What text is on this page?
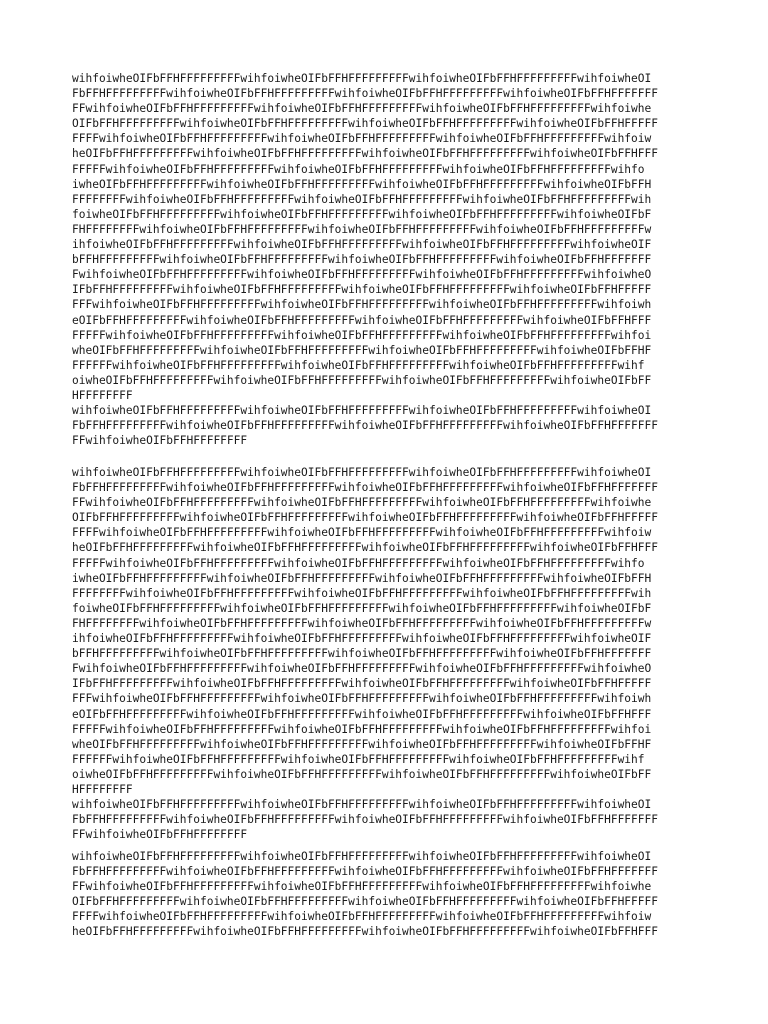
wihfoiwheOIFbFFHFFFFFFFFFwihfoiwheOIFbFFHFFFFFFFFFwihfoiwheOIFbFFHFFFFFFFFFwihfoiwheOI
FbFFHFFFFFFFFFwihfoiwheOIFbFFHFFFFFFFFFwihfoiwheOIFbFFHFFFFFFFFFwihfoiwheOIFbFFHFFFFFFF
FFwihfoiwheOIFbFFHFFFFFFFFFwihfoiwheOIFbFFHFFFFFFFFFwihfoiwheOIFbFFHFFFFFFFFFwihfoiwhe
OIFbFFHFFFFFFFFFwihfoiwheOIFbFFHFFFFFFFFFwihfoiwheOIFbFFHFFFFFFFFFwihfoiwheOIFbFFHFFFFF
FFFFwihfoiwheOIFbFFHFFFFFFFFFwihfoiwheOIFbFFHFFFFFFFFFwihfoiwheOIFbFFHFFFFFFFFFwihfoiw
heOIFbFFHFFFFFFFFFwihfoiwheOIFbFFHFFFFFFFFFwihfoiwheOIFbFFHFFFFFFFFFwihfoiwheOIFbFFHFFF
FFFFFwihfoiwheOIFbFFHFFFFFFFFFwihfoiwheOIFbFFHFFFFFFFFFwihfoiwheOIFbFFHFFFFFFFFFwihfo
iwheOIFbFFHFFFFFFFFFwihfoiwheOIFbFFHFFFFFFFFFwihfoiwheOIFbFFHFFFFFFFFFwihfoiwheOIFbFFH
FFFFFFFFwihfoiwheOIFbFFHFFFFFFFFFwihfoiwheOIFbFFHFFFFFFFFFwihfoiwheOIFbFFHFFFFFFFFFwih
foiwheOIFbFFHFFFFFFFFFwihfoiwheOIFbFFHFFFFFFFFFwihfoiwheOIFbFFHFFFFFFFFFwihfoiwheOIFbF
FHFFFFFFFFwihfoiwheOIFbFFHFFFFFFFFFwihfoiwheOIFbFFHFFFFFFFFFwihfoiwheOIFbFFHFFFFFFFFFw
ihfoiwheOIFbFFHFFFFFFFFFwihfoiwheOIFbFFHFFFFFFFFFwihfoiwheOIFbFFHFFFFFFFFFwihfoiwheOIF
bFFHFFFFFFFFFwihfoiwheOIFbFFHFFFFFFFFFwihfoiwheOIFbFFHFFFFFFFFFwihfoiwheOIFbFFHFFFFFFF
FwihfoiwheOIFbFFHFFFFFFFFFwihfoiwheOIFbFFHFFFFFFFFFwihfoiwheOIFbFFHFFFFFFFFFwihfoiwheO
IFbFFHFFFFFFFFFwihfoiwheOIFbFFHFFFFFFFFFwihfoiwheOIFbFFHFFFFFFFFFwihfoiwheOIFbFFHFFFFF
FFFwihfoiwheOIFbFFHFFFFFFFFFwihfoiwheOIFbFFHFFFFFFFFFwihfoiwheOIFbFFHFFFFFFFFFwihfoiwh
eOIFbFFHFFFFFFFFFwihfoiwheOIFbFFHFFFFFFFFFwihfoiwheOIFbFFHFFFFFFFFFwihfoiwheOIFbFFHFFF
FFFFFwihfoiwheOIFbFFHFFFFFFFFFwihfoiwheOIFbFFHFFFFFFFFFwihfoiwheOIFbFFHFFFFFFFFFwihfoi
wheOIFbFFHFFFFFFFFFwihfoiwheOIFbFFHFFFFFFFFFwihfoiwheOIFbFFHFFFFFFFFFwihfoiwheOIFbFFHF
FFFFFFwihfoiwheOIFbFFHFFFFFFFFFwihfoiwheOIFbFFHFFFFFFFFFwihfoiwheOIFbFFHFFFFFFFFFwihf
oiwheOIFbFFHFFFFFFFFFwihfoiwheOIFbFFHFFFFFFFFFwihfoiwheOIFbFFHFFFFFFFFFwihfoiwheOIFbFF
HFFFFFFFF
wihfoiwheOIFbFFHFFFFFFFFFwihfoiwheOIFbFFHFFFFFFFFFwihfoiwheOIFbFFHFFFFFFFFFwihfoiwheOI
FbFFHFFFFFFFFFwihfoiwheOIFbFFHFFFFFFFFFwihfoiwheOIFbFFHFFFFFFFFFwihfoiwheOIFbFFHFFFFFFF
FFwihfoiwheOIFbFFHFFFFFFFF
wihfoiwheOIFbFFHFFFFFFFFFwihfoiwheOIFbFFHFFFFFFFFFwihfoiwheOIFbFFHFFFFFFFFFwihfoiwheOI
FbFFHFFFFFFFFFwihfoiwheOIFbFFHFFFFFFFFFwihfoiwheOIFbFFHFFFFFFFFFwihfoiwheOIFbFFHFFFFFFF
FFwihfoiwheOIFbFFHFFFFFFFFFwihfoiwheOIFbFFHFFFFFFFFFwihfoiwheOIFbFFHFFFFFFFFFwihfoiwhe
OIFbFFHFFFFFFFFFwihfoiwheOIFbFFHFFFFFFFFFwihfoiwheOIFbFFHFFFFFFFFFwihfoiwheOIFbFFHFFFFF
FFFFwihfoiwheOIFbFFHFFFFFFFFFwihfoiwheOIFbFFHFFFFFFFFFwihfoiwheOIFbFFHFFFFFFFFFwihfoiw
heOIFbFFHFFFFFFFFFwihfoiwheOIFbFFHFFFFFFFFFwihfoiwheOIFbFFHFFFFFFFFFwihfoiwheOIFbFFHFFF
FFFFFwihfoiwheOIFbFFHFFFFFFFFFwihfoiwheOIFbFFHFFFFFFFFFwihfoiwheOIFbFFHFFFFFFFFFwihfo
iwheOIFbFFHFFFFFFFFFwihfoiwheOIFbFFHFFFFFFFFFwihfoiwheOIFbFFHFFFFFFFFFwihfoiwheOIFbFFH
FFFFFFFFwihfoiwheOIFbFFHFFFFFFFFFwihfoiwheOIFbFFHFFFFFFFFFwihfoiwheOIFbFFHFFFFFFFFFwih
foiwheOIFbFFHFFFFFFFFFwihfoiwheOIFbFFHFFFFFFFFFwihfoiwheOIFbFFHFFFFFFFFFwihfoiwheOIFbF
FHFFFFFFFFwihfoiwheOIFbFFHFFFFFFFFFwihfoiwheOIFbFFHFFFFFFFFFwihfoiwheOIFbFFHFFFFFFFFFw
ihfoiwheOIFbFFHFFFFFFFFFwihfoiwheOIFbFFHFFFFFFFFFwihfoiwheOIFbFFHFFFFFFFFFwihfoiwheOIF
bFFHFFFFFFFFFwihfoiwheOIFbFFHFFFFFFFFFwihfoiwheOIFbFFHFFFFFFFFFwihfoiwheOIFbFFHFFFFFFF
FwihfoiwheOIFbFFHFFFFFFFFFwihfoiwheOIFbFFHFFFFFFFFFwihfoiwheOIFbFFHFFFFFFFFFwihfoiwheO
IFbFFHFFFFFFFFFwihfoiwheOIFbFFHFFFFFFFFFwihfoiwheOIFbFFHFFFFFFFFFwihfoiwheOIFbFFHFFFFF
FFFwihfoiwheOIFbFFHFFFFFFFFFwihfoiwheOIFbFFHFFFFFFFFFwihfoiwheOIFbFFHFFFFFFFFFwihfoiwh
eOIFbFFHFFFFFFFFFwihfoiwheOIFbFFHFFFFFFFFFwihfoiwheOIFbFFHFFFFFFFFFwihfoiwheOIFbFFHFFF
FFFFFwihfoiwheOIFbFFHFFFFFFFFFwihfoiwheOIFbFFHFFFFFFFFFwihfoiwheOIFbFFHFFFFFFFFFwihfoi
wheOIFbFFHFFFFFFFFFwihfoiwheOIFbFFHFFFFFFFFFwihfoiwheOIFbFFHFFFFFFFFFwihfoiwheOIFbFFHF
FFFFFFwihfoiwheOIFbFFHFFFFFFFFFwihfoiwheOIFbFFHFFFFFFFFFwihfoiwheOIFbFFHFFFFFFFFFwihf
oiwheOIFbFFHFFFFFFFFFwihfoiwheOIFbFFHFFFFFFFFFwihfoiwheOIFbFFHFFFFFFFFFwihfoiwheOIFbFF
HFFFFFFFF
wihfoiwheOIFbFFHFFFFFFFFFwihfoiwheOIFbFFHFFFFFFFFFwihfoiwheOIFbFFHFFFFFFFFFwihfoiwheOI
FbFFHFFFFFFFFFwihfoiwheOIFbFFHFFFFFFFFFwihfoiwheOIFbFFHFFFFFFFFFwihfoiwheOIFbFFHFFFFFFF
FFwihfoiwheOIFbFFHFFFFFFFF
wihfoiwheOIFbFFHFFFFFFFFFwihfoiwheOIFbFFHFFFFFFFFFwihfoiwheOIFbFFHFFFFFFFFFwihfoiwheOI
FbFFHFFFFFFFFFwihfoiwheOIFbFFHFFFFFFFFFwihfoiwheOIFbFFHFFFFFFFFFwihfoiwheOIFbFFHFFFFFFF
FFwihfoiwheOIFbFFHFFFFFFFFFwihfoiwheOIFbFFHFFFFFFFFFwihfoiwheOIFbFFHFFFFFFFFFwihfoiwhe
OIFbFFHFFFFFFFFFwihfoiwheOIFbFFHFFFFFFFFFwihfoiwheOIFbFFHFFFFFFFFFwihfoiwheOIFbFFHFFFFF
FFFFwihfoiwheOIFbFFHFFFFFFFFFwihfoiwheOIFbFFHFFFFFFFFFwihfoiwheOIFbFFHFFFFFFFFFwihfoiw
heOIFbFFHFFFFFFFFFwihfoiwheOIFbFFHFFFFFFFFFwihfoiwheOIFbFFHFFFFFFFFFwihfoiwheOIFbFFHFFF
